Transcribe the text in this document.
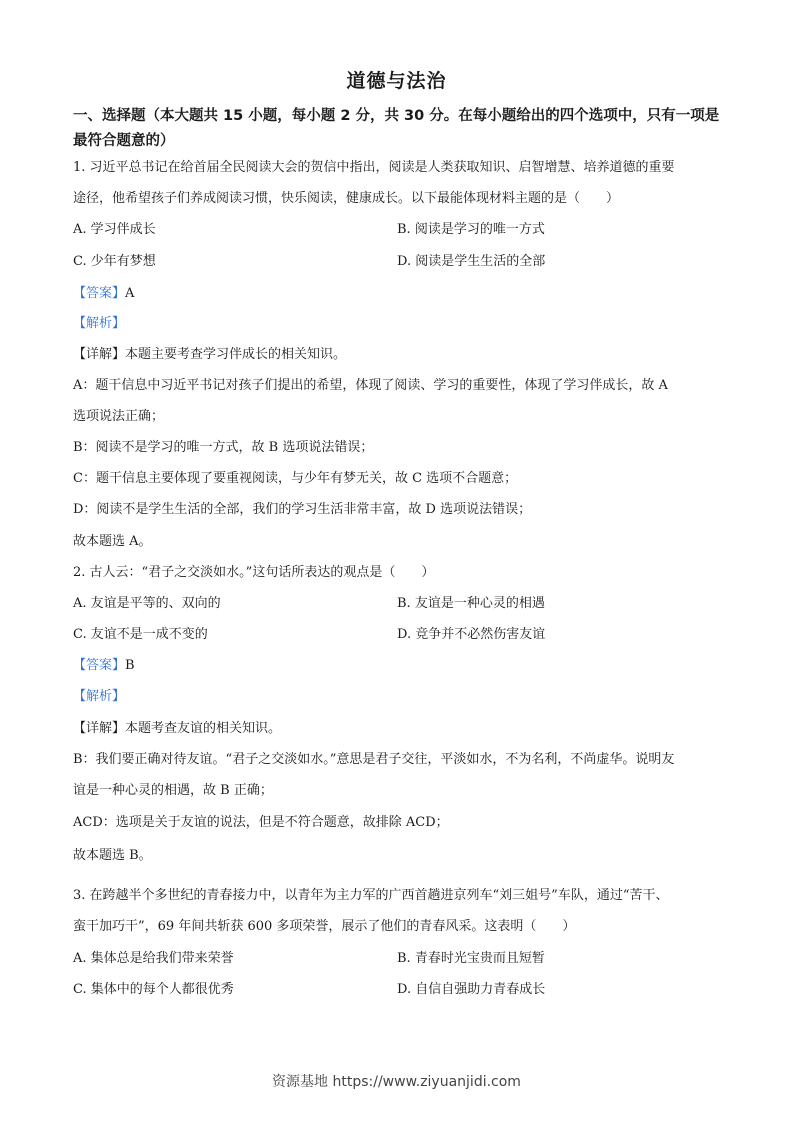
道德与法治
一、选择题（本大题共 15 小题，每小题 2 分，共 30 分。在每小题给出的四个选项中，只有一项是最符合题意的）
1. 习近平总书记在给首届全民阅读大会的贺信中指出，阅读是人类获取知识、启智增慧、培养道德的重要
途径，他希望孩子们养成阅读习惯，快乐阅读，健康成长。以下最能体现材料主题的是（　　）
A. 学习伴成长	B. 阅读是学习的唯一方式
C. 少年有梦想	D. 阅读是学生生活的全部
【答案】A
【解析】
【详解】本题主要考查学习伴成长的相关知识。
A：题干信息中习近平书记对孩子们提出的希望，体现了阅读、学习的重要性，体现了学习伴成长，故 A
选项说法正确；
B：阅读不是学习的唯一方式，故 B 选项说法错误；
C：题干信息主要体现了要重视阅读，与少年有梦无关，故 C 选项不合题意；
D：阅读不是学生生活的全部，我们的学习生活非常丰富，故 D 选项说法错误；
故本题选 A。
2. 古人云：“君子之交淡如水。”这句话所表达的观点是（　　）
A. 友谊是平等的、双向的	B. 友谊是一种心灵的相遇
C. 友谊不是一成不变的	D. 竞争并不必然伤害友谊
【答案】B
【解析】
【详解】本题考查友谊的相关知识。
B：我们要正确对待友谊。“君子之交淡如水。”意思是君子交往，平淡如水，不为名利，不尚虚华。说明友
谊是一种心灵的相遇，故 B 正确；
ACD：选项是关于友谊的说法，但是不符合题意，故排除 ACD；
故本题选 B。
3. 在跨越半个多世纪的青春接力中，以青年为主力军的广西首趟进京列车“刘三姐号”车队，通过“苦干、
蛮干加巧干”，69 年间共斩获 600 多项荣誉，展示了他们的青春风采。这表明（　　）
A. 集体总是给我们带来荣誉	B. 青春时光宝贵而且短暂
C. 集体中的每个人都很优秀	D. 自信自强助力青春成长
资源基地 https://www.ziyuanjidi.com
